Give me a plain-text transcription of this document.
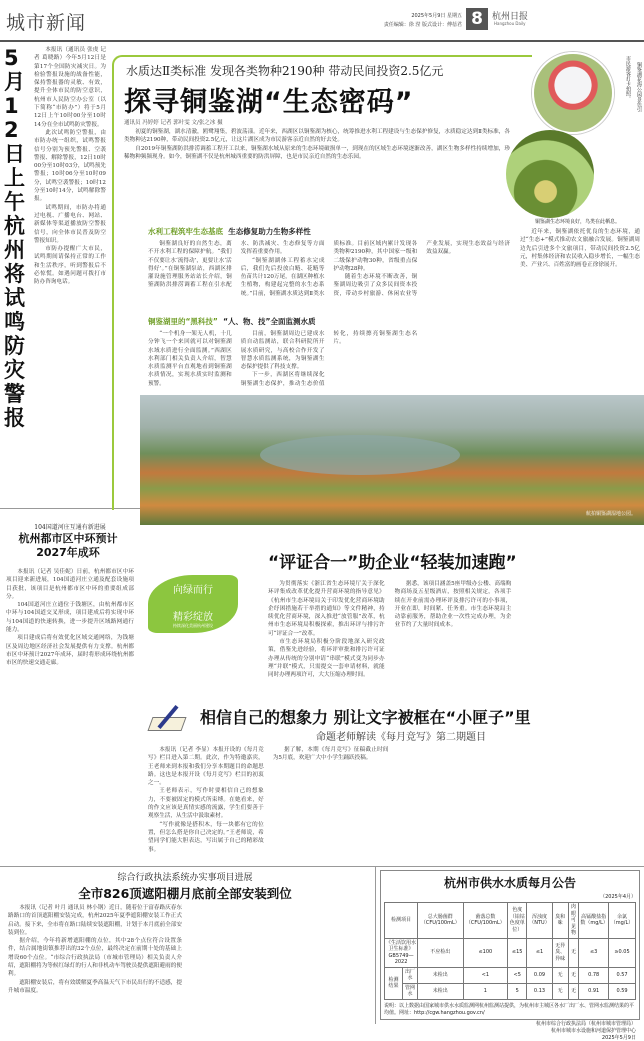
城市新闻	2025年5月9日 星期五
责任编辑：徐 滢 版式设计：傅蓓君 8	杭州日报
Hangzhou Daily
5月12日上午杭州将试鸣防灾警报

本报讯（通讯员 张虔 记者 葛晓路）今年5月12日是第17个全国防灾减灾日。为检验警报设施的战备性能，保持警报器的灵敏、有效，提升全体市民的防空意识，杭州市人民防空办公室（以下简称“市防办”）将于5月12日上午10时00分至10时14分在全市试鸣防灾警报。

此次试鸣防空警报，由市防办统一组织，试鸣警报信号分别为预先警报、空袭警报、解除警报，12日10时00分至10时03分，试鸣预先警报；10时06分至10时09分，试鸣空袭警报；10时12分至10时14分，试鸣解除警报。

试鸣期间，市防办将通过电视、广播电台、网站、新媒体等渠道播放防空警报信号，向全体市民普及防空警报知识。

市防办提醒广大市民，试鸣期间请保持正常的工作和生活秩序，听到警报后不必惊慌。如遇问题可拨打市防办咨询电话。

104国道河庄互通有新进展
杭州都市区中环预计2027年成环

本报讯（记者 吴佳妮）日前，杭州都市区中环项目迎来新进展，104国道河庄立通及配套设施项目获批，该项目是杭州都市区中环的重要组成部分。

104国道河庄立通位于钱塘区，由杭州都市区中环与104国道交叉形成，项目建成后将实现中环与104国道的快速转换，进一步提升区域路网通行能力。

项目建成后将有效优化区域交通网络，为钱塘区及周边地区经济社会发展提供有力支撑。杭州都市区中环预计2027年成环，届时将形成环绕杭州都市区的快速交通走廊。

水质达Ⅱ类标准 发现各类物种2190种 带动民间投资2.5亿元
探寻铜鉴湖“生态密码”
通讯员 冯婷婷 记者 郭叶雯 文/张之冰 摄

初夏的铜鉴湖，湖水清澈，鸥鹭翔集，碧波荡漾。近年来，西湖区以铜鉴湖为核心，统筹推进水利工程建设与生态保护修复，水质稳定达到Ⅱ类标准，各类物种达2190种，带动民间投资2.5亿元，让这片湖区成为市民游客亲近自然的好去处。

自2019年铜鉴湖防洪排涝调蓄工程开工以来，铜鉴湖水域从原来的生态环境破损单一，到现在的区域生态环境逐渐改善，湖区生物多样性持续增加，珍稀物种频频现身。如今，铜鉴湖不仅是杭州城西重要的防洪屏障，也是市民亲近自然的生态乐园。

水利工程筑牢生态基底 生态修复助力生物多样性

铜鉴湖良好的自然生态，离不开水利工程的保障护航。“我们不仅要让水‘流得动’，更要让水‘活得好’。”在铜鉴湖泵站，西湖区排灌设施管理服务站站长介绍，铜鉴湖防洪排涝调蓄工程在引水配水、防洪减灾、生态修复等方面发挥着重要作用。

“铜鉴湖湖体工程蓄水完成后，我们先后投放白鲢、花鲢等鱼苗共计120万尾，在湖区种植水生植物，构建起完整的水生态系统。”目前，铜鉴湖水质达到Ⅱ类水质标准。目前区域内累计发现各类物种2190种，其中国家一级和二级保护动物30种，省级重点保护动物28种。

随着生态环境不断改善，铜鉴湖周边吸引了众多民间资本投资，带动乡村旅游、休闲农业等产业发展，实现生态效益与经济效益双赢。

铜鉴湖里的“黑科技” “人、物、技”全面监测水质

“一个机身一架无人机，十几分钟飞一个来回就可以对铜鉴湖水域水质进行全面监测。”西湖区水利部门相关负责人介绍，智慧水质监测平台直观地看到铜鉴湖水质情况，实现水质实时监测和预警。

目前，铜鉴湖周边已建成水质自动监测站，联合科研院所开展水质研究，与高校合作开发了智慧水质监测系统，为铜鉴湖生态保护提供了科技支撑。

下一步，西湖区将继续深化铜鉴湖生态保护，推动生态价值转化，持续擦亮铜鉴湖生态名片。

航拍铜鉴湖湿地公园。
市民游客打卡拍照。 铜鉴湖花海公园景色引
铜鉴湖生态环境良好，鸟类在此栖息。

近年来，铜鉴湖依托优良的生态环境，通过“生态+”模式推动农文旅融合发展。铜鉴湖周边先后引进多个文旅项目，带动民间投资2.5亿元，村集体经济和农民收入稳步增长，一幅生态美、产业兴、百姓富的画卷正徐徐展开。

向绿而行
精彩绽放
持续深化美丽杭州建设
“评证合一”助企业“轻装加速跑”

为贯彻落实《浙江省生态环境厅关于深化环评集成改革优化提升营商环境的指导意见》《杭州市生态环境局关于印发优化营商环境助企纾困措施若干举措的通知》等文件精神，持续优化营商环境，深入推进“放管服”改革，杭州市生态环境局积极探索，推出环评与排污许可“评证合一”改革。

市生态环境局积极分阶段地深入研究政策，借鉴先进经验，将环评审批和排污许可证办理从传统的分别申请“串联”模式变为同步办理“并联”模式，只需提交一套申请材料，就能同时办理两项许可，大大压缩办理时间。

据悉，该项目涵盖5座甲级办公楼、高端购物商场及五星级酒店，按照相关规定，各项手续在开业前需办理环评及排污许可的小事项，开业在即，时间紧、任务重。市生态环境局主动靠前服务，帮助企业一次性完成办理，为企业节约了大量时间成本。

相信自己的想象力 别让文字被框在“小匣子”里
命题老师解读《每月竞写》第二期题目

本报讯（记者 李显）本报开设的《每月竞写》栏目进入第二期。此次，作为特邀嘉宾，王老师来到本报和我们分享本期题目的命题思路。这也是本报开设《每月竞写》栏目的初衷之一。

王老师表示，写作时要相信自己的想象力，不要被固定的模式所束缚。在她看来，好的作文应该是真情实感的流露，学生们要善于观察生活，从生活中汲取素材。

“写作就像是搭积木，每一块都有它的位置，但怎么搭是你自己决定的。”王老师说，希望同学们能大胆表达，写出属于自己的精彩故事。

据了解，本期《每月竞写》征稿截止时间为5月底，欢迎广大中小学生踊跃投稿。

综合行政执法系统办实事项目进展
全市826顶遮阳棚月底前全部安装到位

本报讯（记者 叶月 通讯员 林小钢）近日，随着位于富春路庆春东路路口的首顶遮阳棚安装完成，杭州2025年夏季遮阳棚安装工作正式启动。接下来，全市将在路口陆续安装遮阳棚，计划于本月底前全部安装到位。

据介绍，今年将新增遮阳棚的点位，其中28个点位符合设置条件，结合属地街镇推荐出的32个点位，最终决定在前期十处的基础上增设60个点位。“市综合行政执法局（市城市管理局）相关负责人介绍，遮阳棚将为等候红绿灯的行人和非机动车驾驶员提供遮阳避雨的便利。

遮阳棚安装后，将有效缓解夏季高温天气下市民出行的不适感，提升城市温度。

杭州市供水水质每月公告
（2025年4月）
检测项目		总大肠菌群（CFU/100mL）	菌落总数（CFU/100mL）	色度（铂钴色度单位）	浑浊度（NTU）	臭和味	肉眼可见物	高锰酸盐指数（mg/L）	余氯（mg/L）
《生活饮用水卫生标准》GB5749—2022		不应检出	≤100	≤15	≤1	无异臭、异味	无	≤3	≥0.05
检测结果	出厂水	未检出	<1	<5	0.09	无	无	0.78	0.57
	管网水	未检出	1	5	0.13	无	无	0.91	0.59
说明：以上数据由国家城市供水水质监测网杭州监测站提供，为杭州市主城区各水厂出厂水、管网水监测结果的平均值。网址：http://cgw.hangzhou.gov.cn/
杭州市综合行政执法局（杭州市城市管理局）
杭州市城市水设施和河道保护管理中心
2025年5月9日
